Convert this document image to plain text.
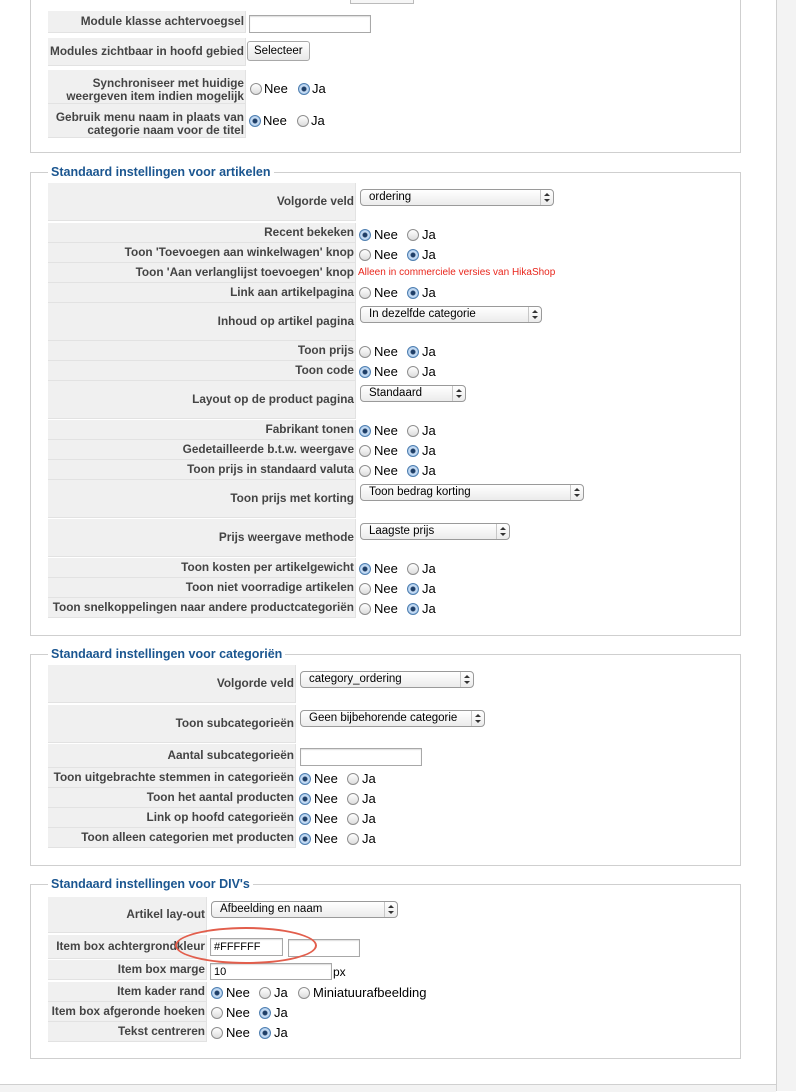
Module klasse achtervoegsel
Modules zichtbaar in hoofd gebied Selecteer
Synchroniseer met huidige
weergeven item indien mogelijk Nee Ja
Gebruik menu naam in plaats van
categorie naam voor de titel
Nee Ja
Standaard instellingen voor artikelen
Volgorde veld	ordering
Recent bekeken Nee Ja
Toon 'Toevoegen aan winkelwagen' knop Nee Ja
Toon 'Aan verlanglijst toevoegen' knop Alleen in commerciele versies van HikaShop
Link aan artikelpagina Nee Ja
Inhoud op artikel pagina	In dezelfde categorie
Toon prijs Nee Ja
Toon code Nee Ja
Layout op de product pagina	Standaard
Fabrikant tonen Nee Ja
Gedetailleerde b.t.w. weergave Nee Ja
Toon prijs in standaard valuta Nee Ja
Toon prijs met korting	Toon bedrag korting
Prijs weergave methode	Laagste prijs
Toon kosten per artikelgewicht Nee Ja
Toon niet voorradige artikelen Nee Ja
Toon snelkoppelingen naar andere productcategoriën Nee Ja
Standaard instellingen voor categoriën
Volgorde veld	category_ordering
Toon subcategorieën	Geen bijbehorende categorie
Aantal subcategorieën
Toon uitgebrachte stemmen in categorieën Nee Ja
Toon het aantal producten Nee Ja
Link op hoofd categorieën Nee Ja
Toon alleen categorien met producten Nee Ja
Standaard instellingen voor DIV's
Artikel lay-out	Afbeelding en naam
Item box achtergrondkleur #FFFFFF
Item box marge 10	px
Item kader rand Nee Ja Miniatuurafbeelding
Item box afgeronde hoeken Nee Ja
Tekst centreren Nee Ja
